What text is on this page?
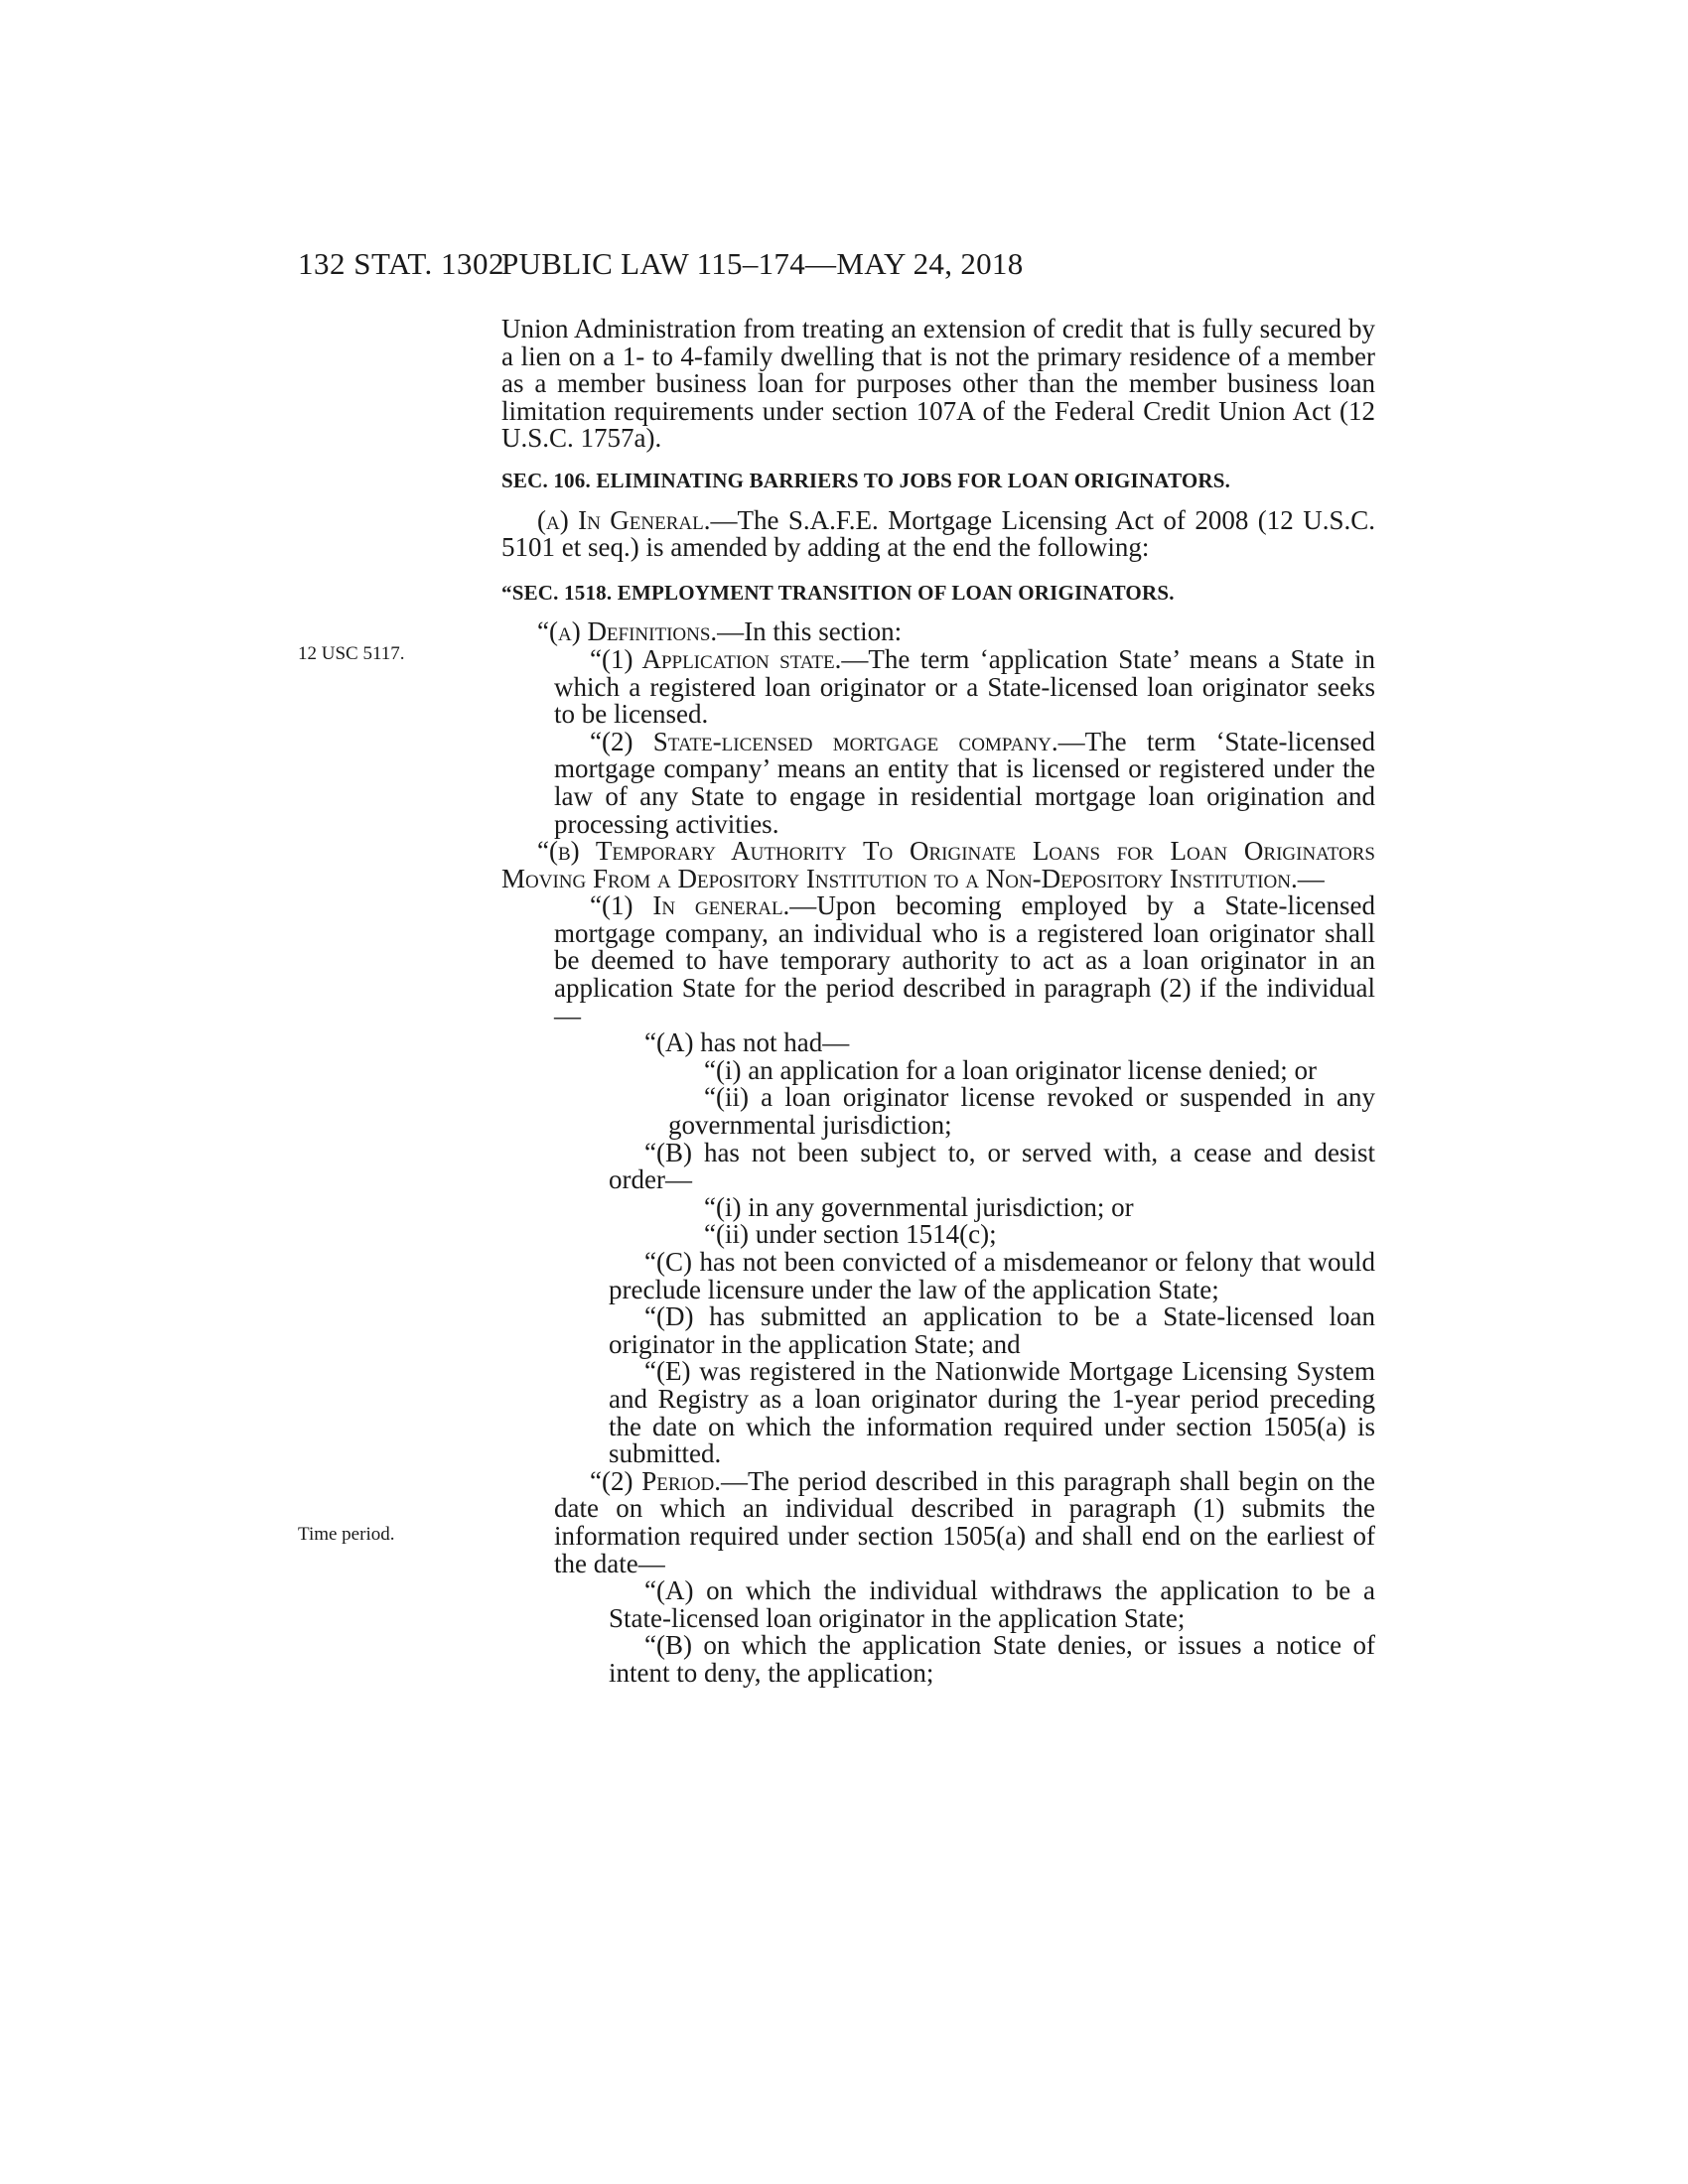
132 STAT. 1302
PUBLIC LAW 115–174—MAY 24, 2018
12 USC 5117.
Time period.

Union Administration from treating an extension of credit that is fully secured by a lien on a 1- to 4-family dwelling that is not the primary residence of a member as a member business loan for purposes other than the member business loan limitation requirements under section 107A of the Federal Credit Union Act (12 U.S.C. 1757a).

SEC. 106. ELIMINATING BARRIERS TO JOBS FOR LOAN ORIGINATORS.

(a) In General.—The S.A.F.E. Mortgage Licensing Act of 2008 (12 U.S.C. 5101 et seq.) is amended by adding at the end the following:

“SEC. 1518. EMPLOYMENT TRANSITION OF LOAN ORIGINATORS.

“(a) Definitions.—In this section:

“(1) Application state.—The term ‘application State’ means a State in which a registered loan originator or a State-licensed loan originator seeks to be licensed.

“(2) State-licensed mortgage company.—The term ‘State-licensed mortgage company’ means an entity that is licensed or registered under the law of any State to engage in residential mortgage loan origination and processing activities.

“(b) Temporary Authority To Originate Loans for Loan Originators Moving From a Depository Institution to a Non-Depository Institution.—

“(1) In general.—Upon becoming employed by a State-licensed mortgage company, an individual who is a registered loan originator shall be deemed to have temporary authority to act as a loan originator in an application State for the period described in paragraph (2) if the individual—

“(A) has not had—

“(i) an application for a loan originator license denied; or

“(ii) a loan originator license revoked or suspended in any governmental jurisdiction;

“(B) has not been subject to, or served with, a cease and desist order—

“(i) in any governmental jurisdiction; or

“(ii) under section 1514(c);

“(C) has not been convicted of a misdemeanor or felony that would preclude licensure under the law of the application State;

“(D) has submitted an application to be a State-licensed loan originator in the application State; and

“(E) was registered in the Nationwide Mortgage Licensing System and Registry as a loan originator during the 1-year period preceding the date on which the information required under section 1505(a) is submitted.

“(2) Period.—The period described in this paragraph shall begin on the date on which an individual described in paragraph (1) submits the information required under section 1505(a) and shall end on the earliest of the date—

“(A) on which the individual withdraws the application to be a State-licensed loan originator in the application State;

“(B) on which the application State denies, or issues a notice of intent to deny, the application;
